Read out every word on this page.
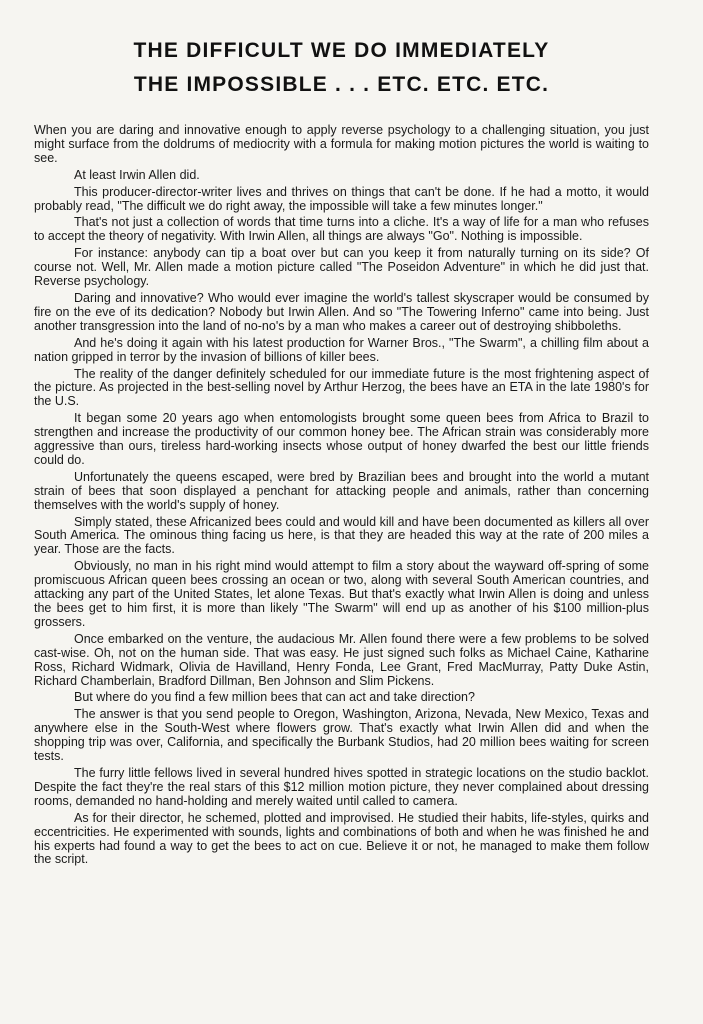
THE DIFFICULT WE DO IMMEDIATELY
THE IMPOSSIBLE . . . ETC. ETC. ETC.

When you are daring and innovative enough to apply reverse psychology to a challenging situation, you just might surface from the doldrums of mediocrity with a formula for making motion pictures the world is waiting to see.

At least Irwin Allen did.

This producer-director-writer lives and thrives on things that can't be done. If he had a motto, it would probably read, "The difficult we do right away, the impossible will take a few minutes longer."

That's not just a collection of words that time turns into a cliche. It's a way of life for a man who refuses to accept the theory of negativity. With Irwin Allen, all things are always "Go". Nothing is impossible.

For instance: anybody can tip a boat over but can you keep it from naturally turning on its side? Of course not. Well, Mr. Allen made a motion picture called "The Poseidon Adventure" in which he did just that. Reverse psychology.

Daring and innovative? Who would ever imagine the world's tallest skyscraper would be consumed by fire on the eve of its dedication? Nobody but Irwin Allen. And so "The Towering Inferno" came into being. Just another transgression into the land of no-no's by a man who makes a career out of destroying shibboleths.

And he's doing it again with his latest production for Warner Bros., "The Swarm", a chilling film about a nation gripped in terror by the invasion of billions of killer bees.

The reality of the danger definitely scheduled for our immediate future is the most frightening aspect of the picture. As projected in the best-selling novel by Arthur Herzog, the bees have an ETA in the late 1980's for the U.S.

It began some 20 years ago when entomologists brought some queen bees from Africa to Brazil to strengthen and increase the productivity of our common honey bee. The African strain was considerably more aggressive than ours, tireless hard-working insects whose output of honey dwarfed the best our little friends could do.

Unfortunately the queens escaped, were bred by Brazilian bees and brought into the world a mutant strain of bees that soon displayed a penchant for attacking people and animals, rather than concerning themselves with the world's supply of honey.

Simply stated, these Africanized bees could and would kill and have been documented as killers all over South America. The ominous thing facing us here, is that they are headed this way at the rate of 200 miles a year. Those are the facts.

Obviously, no man in his right mind would attempt to film a story about the wayward off-spring of some promiscuous African queen bees crossing an ocean or two, along with several South American countries, and attacking any part of the United States, let alone Texas. But that's exactly what Irwin Allen is doing and unless the bees get to him first, it is more than likely "The Swarm" will end up as another of his $100 million-plus grossers.

Once embarked on the venture, the audacious Mr. Allen found there were a few problems to be solved cast-wise. Oh, not on the human side. That was easy. He just signed such folks as Michael Caine, Katharine Ross, Richard Widmark, Olivia de Havilland, Henry Fonda, Lee Grant, Fred MacMurray, Patty Duke Astin, Richard Chamberlain, Bradford Dillman, Ben Johnson and Slim Pickens.

But where do you find a few million bees that can act and take direction?

The answer is that you send people to Oregon, Washington, Arizona, Nevada, New Mexico, Texas and anywhere else in the South-West where flowers grow. That's exactly what Irwin Allen did and when the shopping trip was over, California, and specifically the Burbank Studios, had 20 million bees waiting for screen tests.

The furry little fellows lived in several hundred hives spotted in strategic locations on the studio backlot. Despite the fact they're the real stars of this $12 million motion picture, they never complained about dressing rooms, demanded no hand-holding and merely waited until called to camera.

As for their director, he schemed, plotted and improvised. He studied their habits, life-styles, quirks and eccentricities. He experimented with sounds, lights and combinations of both and when he was finished he and his experts had found a way to get the bees to act on cue. Believe it or not, he managed to make them follow the script.
